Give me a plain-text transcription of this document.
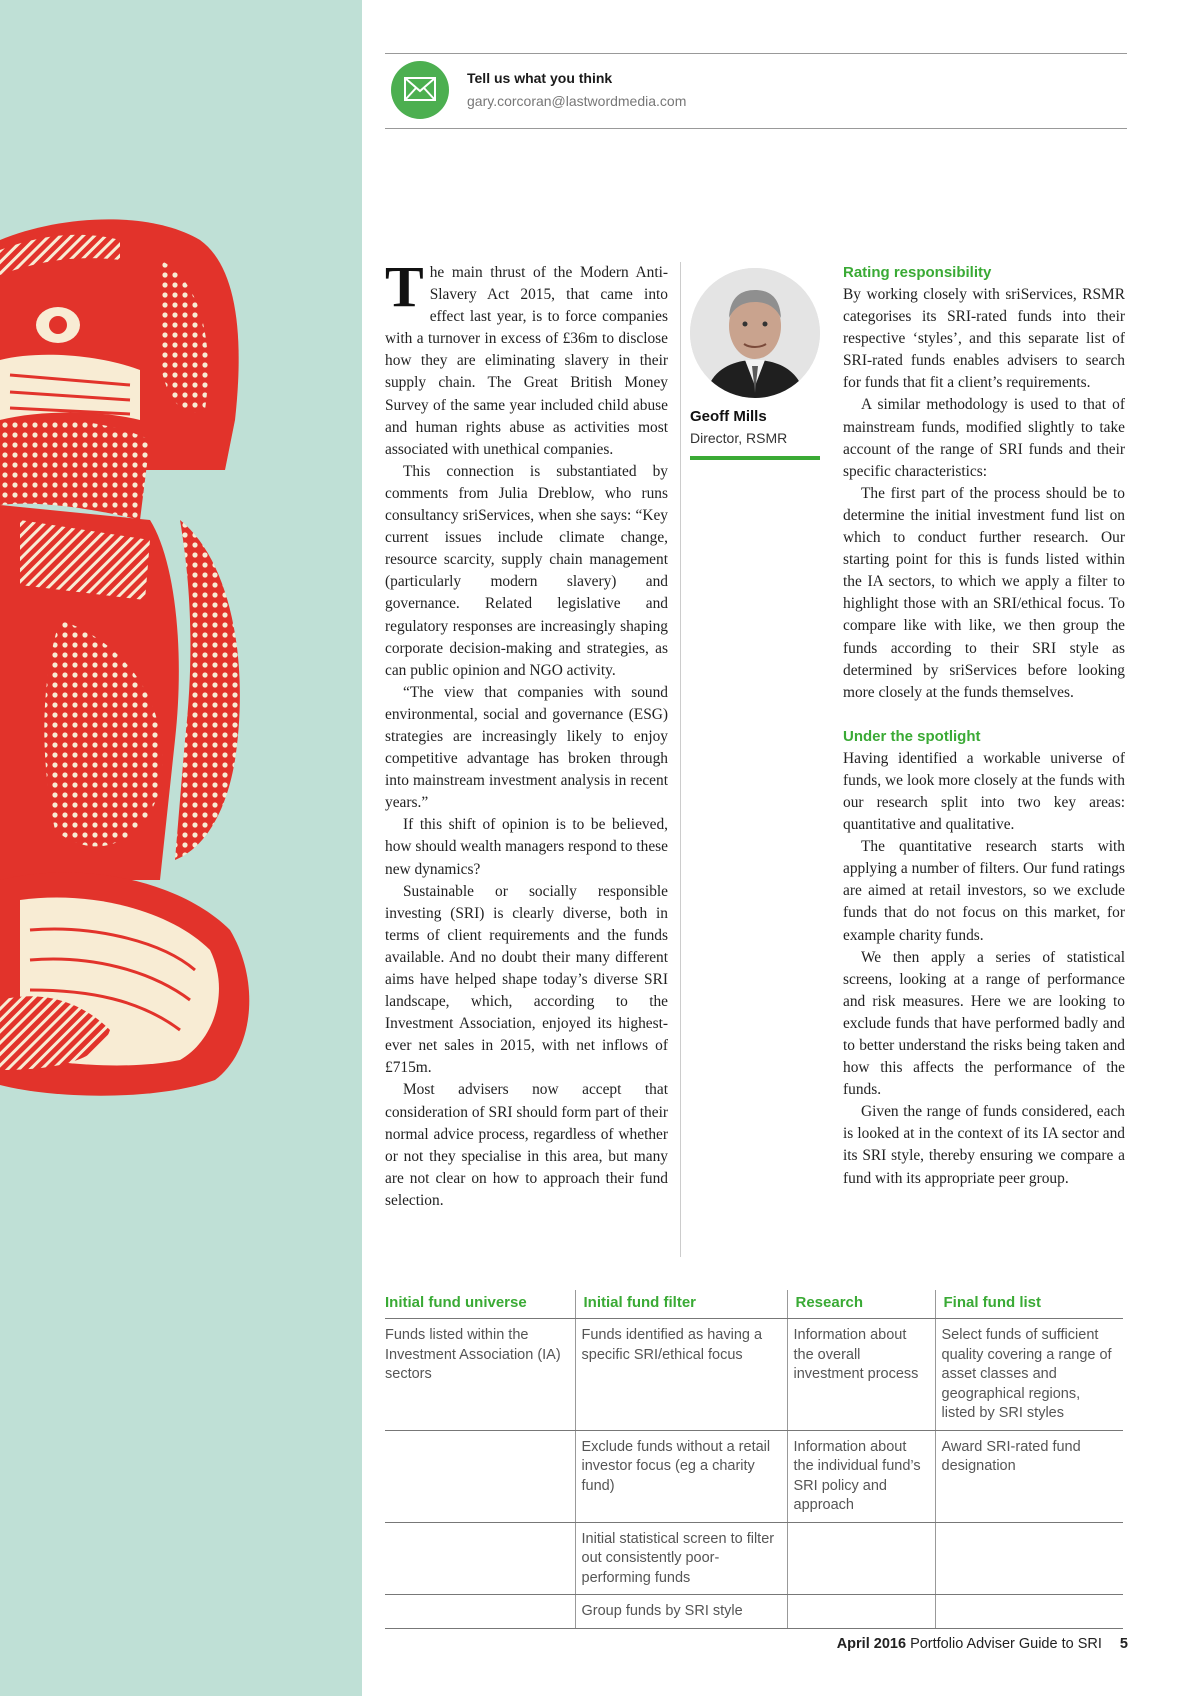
Tell us what you think
gary.corcoran@lastwordmedia.com

The main thrust of the Modern Anti-Slavery Act 2015, that came into effect last year, is to force companies with a turnover in excess of £36m to disclose how they are eliminating slavery in their supply chain. The Great British Money Survey of the same year included child abuse and human rights abuse as activities most associated with unethical companies.

This connection is substantiated by comments from Julia Dreblow, who runs consultancy sriServices, when she says: “Key current issues include climate change, resource scarcity, supply chain management (particularly modern slavery) and governance. Related legislative and regulatory responses are increasingly shaping corporate decision-making and strategies, as can public opinion and NGO activity.

“The view that companies with sound environmental, social and governance (ESG) strategies are increasingly likely to enjoy competitive advantage has broken through into mainstream investment analysis in recent years.”

If this shift of opinion is to be believed, how should wealth managers respond to these new dynamics?

Sustainable or socially responsible investing (SRI) is clearly diverse, both in terms of client requirements and the funds available. And no doubt their many different aims have helped shape today’s diverse SRI landscape, which, according to the Investment Association, enjoyed its highest-ever net sales in 2015, with net inflows of £715m.

Most advisers now accept that consideration of SRI should form part of their normal advice process, regardless of whether or not they specialise in this area, but many are not clear on how to approach their fund selection.

Geoff Mills
Director, RSMR
Rating responsibility

By working closely with sriServices, RSMR categorises its SRI-rated funds into their respective ‘styles’, and this separate list of SRI-rated funds enables advisers to search for funds that fit a client’s requirements.

A similar methodology is used to that of mainstream funds, modified slightly to take account of the range of SRI funds and their specific characteristics:

The first part of the process should be to determine the initial investment fund list on which to conduct further research. Our starting point for this is funds listed within the IA sectors, to which we apply a filter to highlight those with an SRI/ethical focus. To compare like with like, we then group the funds according to their SRI style as determined by sriServices before looking more closely at the funds themselves.

Under the spotlight

Having identified a workable universe of funds, we look more closely at the funds with our research split into two key areas: quantitative and qualitative.

The quantitative research starts with applying a number of filters. Our fund ratings are aimed at retail investors, so we exclude funds that do not focus on this market, for example charity funds.

We then apply a series of statistical screens, looking at a range of performance and risk measures. Here we are looking to exclude funds that have performed badly and to better understand the risks being taken and how this affects the performance of the funds.

Given the range of funds considered, each is looked at in the context of its IA sector and its SRI style, thereby ensuring we compare a fund with its appropriate peer group.

Initial fund universe	Initial fund filter	Research	Final fund list
Funds listed within the Investment Association (IA) sectors	Funds identified as having a specific SRI/ethical focus	Information about the overall investment process	Select funds of sufficient quality covering a range of asset classes and geographical regions, listed by SRI styles
	Exclude funds without a retail investor focus (eg a charity fund)	Information about the individual fund’s SRI policy and approach	Award SRI-rated fund designation
	Initial statistical screen to filter out consistently poor-performing funds		
	Group funds by SRI style		
April 2016 Portfolio Adviser Guide to SRI 5
